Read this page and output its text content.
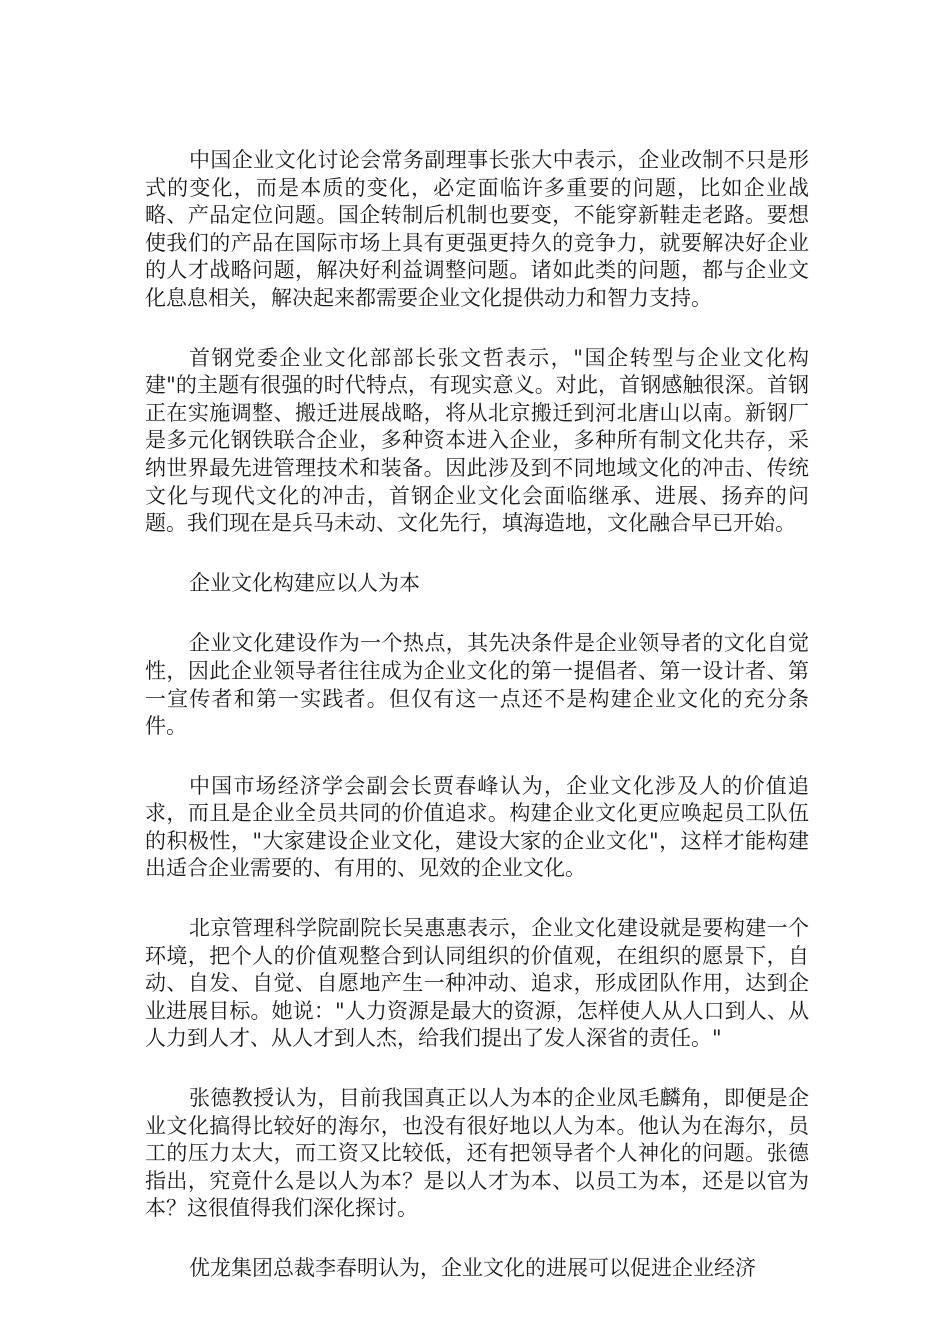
中国企业文化讨论会常务副理事长张大中表示，企业改制不只是形式的变化，而是本质的变化，必定面临许多重要的问题，比如企业战略、产品定位问题。国企转制后机制也要变，不能穿新鞋走老路。要想使我们的产品在国际市场上具有更强更持久的竞争力，就要解决好企业的人才战略问题，解决好利益调整问题。诸如此类的问题，都与企业文化息息相关，解决起来都需要企业文化提供动力和智力支持。

首钢党委企业文化部部长张文哲表示，"国企转型与企业文化构建"的主题有很强的时代特点，有现实意义。对此，首钢感触很深。首钢正在实施调整、搬迁进展战略，将从北京搬迁到河北唐山以南。新钢厂是多元化钢铁联合企业，多种资本进入企业，多种所有制文化共存，采纳世界最先进管理技术和装备。因此涉及到不同地域文化的冲击、传统文化与现代文化的冲击，首钢企业文化会面临继承、进展、扬弃的问题。我们现在是兵马未动、文化先行，填海造地，文化融合早已开始。

企业文化构建应以人为本

企业文化建设作为一个热点，其先决条件是企业领导者的文化自觉性，因此企业领导者往往成为企业文化的第一提倡者、第一设计者、第一宣传者和第一实践者。但仅有这一点还不是构建企业文化的充分条件。

中国市场经济学会副会长贾春峰认为，企业文化涉及人的价值追求，而且是企业全员共同的价值追求。构建企业文化更应唤起员工队伍的积极性，"大家建设企业文化，建设大家的企业文化"，这样才能构建出适合企业需要的、有用的、见效的企业文化。

北京管理科学院副院长吴惠惠表示，企业文化建设就是要构建一个环境，把个人的价值观整合到认同组织的价值观，在组织的愿景下，自动、自发、自觉、自愿地产生一种冲动、追求，形成团队作用，达到企业进展目标。她说："人力资源是最大的资源，怎样使人从人口到人、从人力到人才、从人才到人杰，给我们提出了发人深省的责任。"

张德教授认为，目前我国真正以人为本的企业凤毛麟角，即便是企业文化搞得比较好的海尔，也没有很好地以人为本。他认为在海尔，员工的压力太大，而工资又比较低，还有把领导者个人神化的问题。张德指出，究竟什么是以人为本？是以人才为本、以员工为本，还是以官为本？这很值得我们深化探讨。

优龙集团总裁李春明认为，企业文化的进展可以促进企业经济
